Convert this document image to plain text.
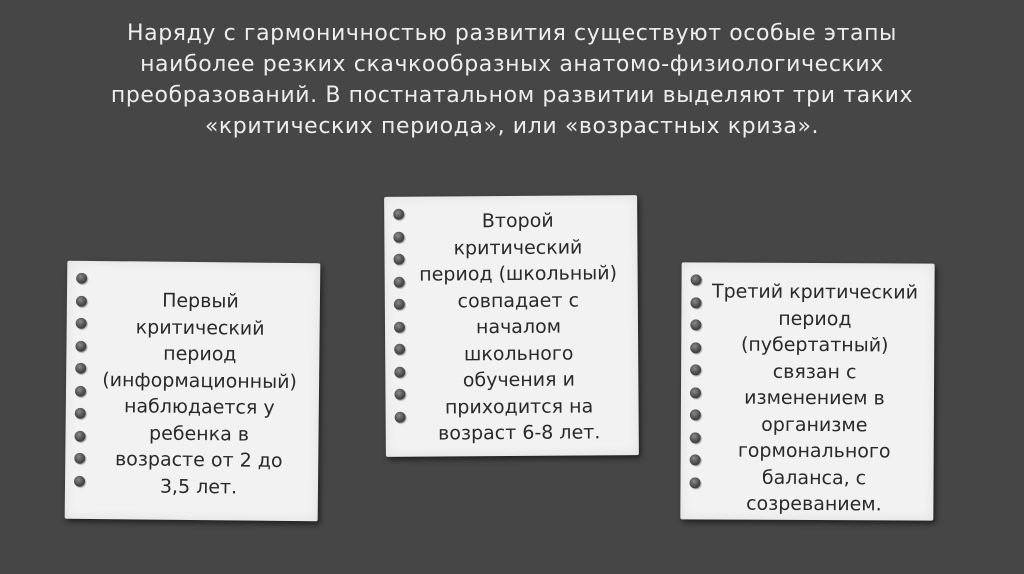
Наряду с гармоничностью развития существуют особые этапы
наиболее резких скачкообразных анатомо-физиологических
преобразований. В постнатальном развитии выделяют три таких
«критических периода», или «возрастных криза».

Первый
критический
период
(информационный)
наблюдается у
ребенка в
возрасте от 2 до
3,5 лет.

Второй
критический
период (школьный)
совпадает с
началом
школьного
обучения и
приходится на
возраст 6-8 лет.

Третий критический
период
(пубертатный)
связан с
изменением в
организме
гормонального
баланса, с
созреванием.
